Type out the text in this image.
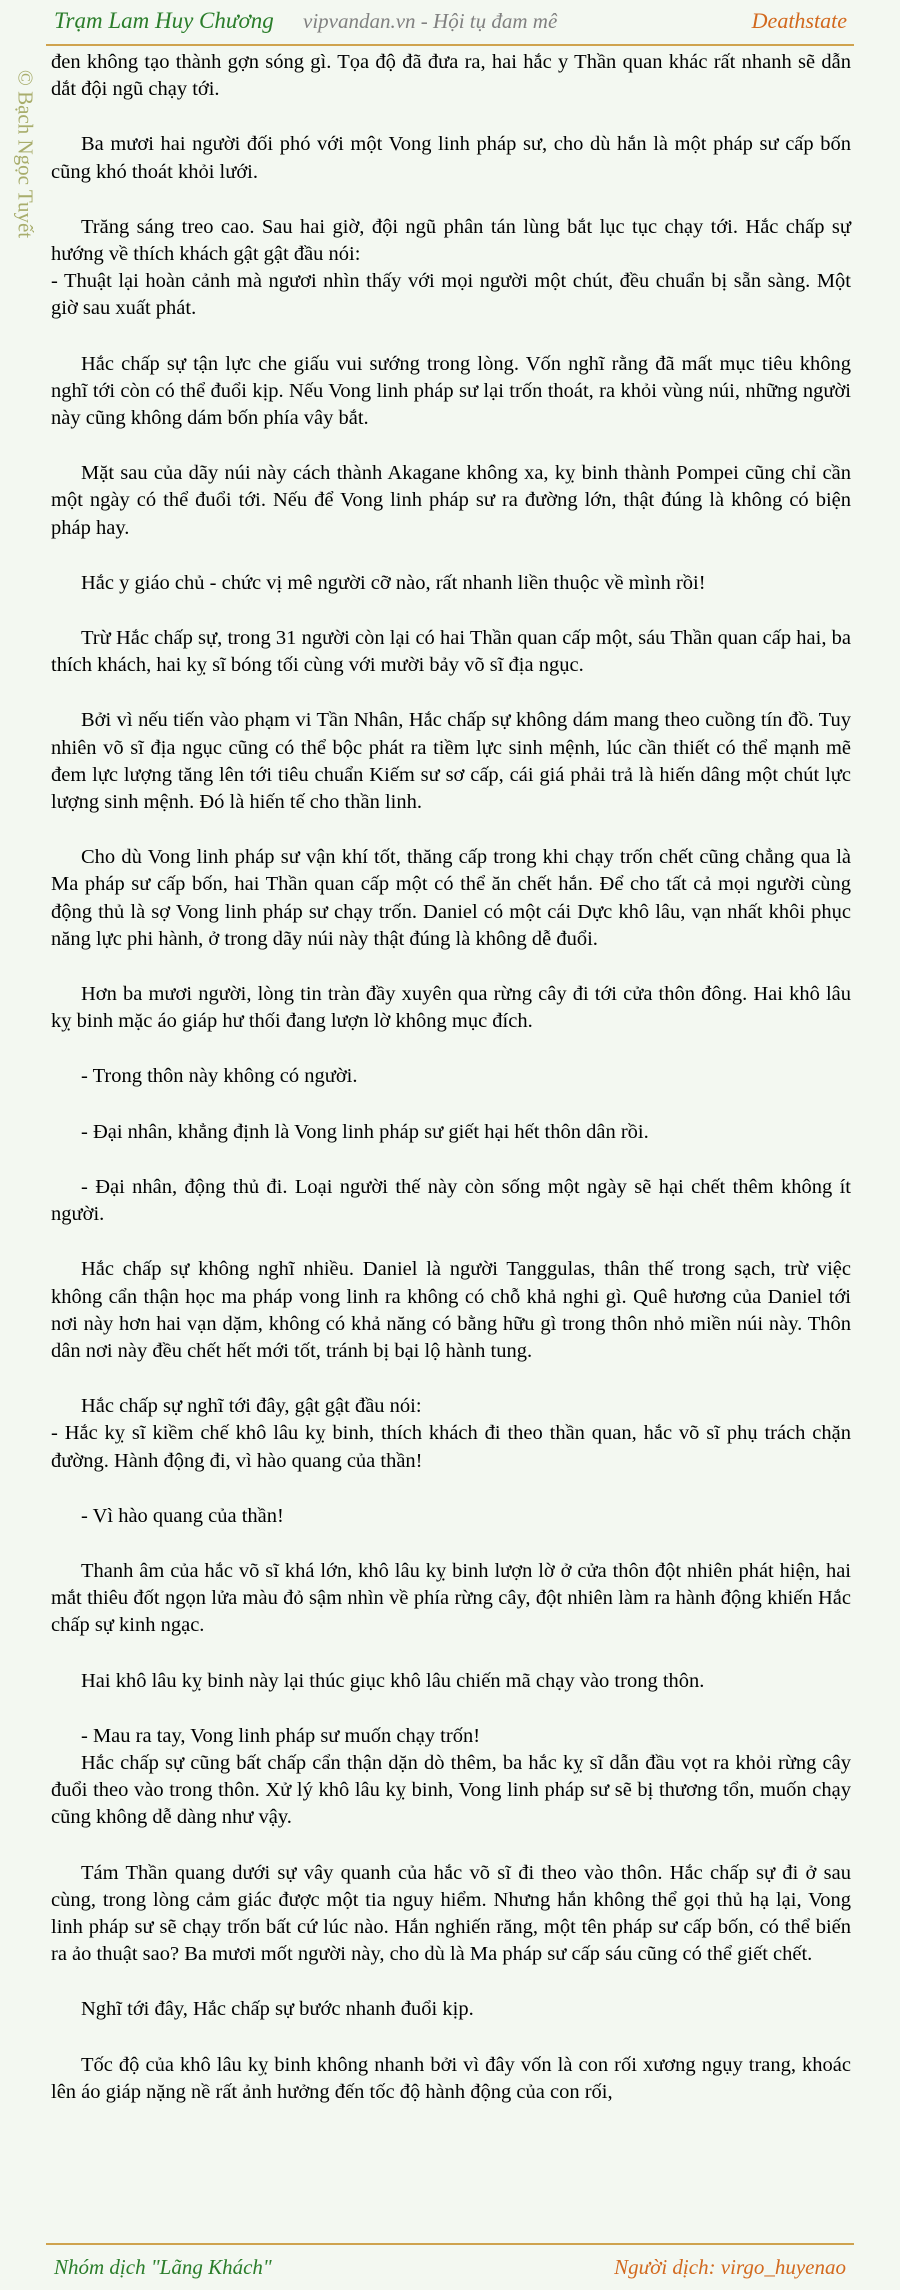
Trạm Lam Huy Chương vipvandan.vn - Hội tụ đam mê	Deathstate
© Bạch Ngọc Tuyết

đen không tạo thành gợn sóng gì. Tọa độ đã đưa ra, hai hắc y Thần quan khác rất nhanh sẽ dẫn dắt đội ngũ chạy tới.

Ba mươi hai người đối phó với một Vong linh pháp sư, cho dù hắn là một pháp sư cấp bốn cũng khó thoát khỏi lưới.

Trăng sáng treo cao. Sau hai giờ, đội ngũ phân tán lùng bắt lục tục chạy tới. Hắc chấp sự hướng về thích khách gật gật đầu nói:
- Thuật lại hoàn cảnh mà ngươi nhìn thấy với mọi người một chút, đều chuẩn bị sẵn sàng. Một giờ sau xuất phát.

Hắc chấp sự tận lực che giấu vui sướng trong lòng. Vốn nghĩ rằng đã mất mục tiêu không nghĩ tới còn có thể đuổi kịp. Nếu Vong linh pháp sư lại trốn thoát, ra khỏi vùng núi, những người này cũng không dám bốn phía vây bắt.

Mặt sau của dãy núi này cách thành Akagane không xa, kỵ binh thành Pompei cũng chỉ cần một ngày có thể đuổi tới. Nếu để Vong linh pháp sư ra đường lớn, thật đúng là không có biện pháp hay.

Hắc y giáo chủ - chức vị mê người cỡ nào, rất nhanh liền thuộc về mình rồi!

Trừ Hắc chấp sự, trong 31 người còn lại có hai Thần quan cấp một, sáu Thần quan cấp hai, ba thích khách, hai kỵ sĩ bóng tối cùng với mười bảy võ sĩ địa ngục.

Bởi vì nếu tiến vào phạm vi Tần Nhân, Hắc chấp sự không dám mang theo cuồng tín đồ. Tuy nhiên võ sĩ địa ngục cũng có thể bộc phát ra tiềm lực sinh mệnh, lúc cần thiết có thể mạnh mẽ đem lực lượng tăng lên tới tiêu chuẩn Kiếm sư sơ cấp, cái giá phải trả là hiến dâng một chút lực lượng sinh mệnh. Đó là hiến tế cho thần linh.

Cho dù Vong linh pháp sư vận khí tốt, thăng cấp trong khi chạy trốn chết cũng chẳng qua là Ma pháp sư cấp bốn, hai Thần quan cấp một có thể ăn chết hắn. Để cho tất cả mọi người cùng động thủ là sợ Vong linh pháp sư chạy trốn. Daniel có một cái Dực khô lâu, vạn nhất khôi phục năng lực phi hành, ở trong dãy núi này thật đúng là không dễ đuổi.

Hơn ba mươi người, lòng tin tràn đầy xuyên qua rừng cây đi tới cửa thôn đông. Hai khô lâu kỵ binh mặc áo giáp hư thối đang lượn lờ không mục đích.

- Trong thôn này không có người.

- Đại nhân, khẳng định là Vong linh pháp sư giết hại hết thôn dân rồi.

- Đại nhân, động thủ đi. Loại người thế này còn sống một ngày sẽ hại chết thêm không ít người.

Hắc chấp sự không nghĩ nhiều. Daniel là người Tanggulas, thân thế trong sạch, trừ việc không cẩn thận học ma pháp vong linh ra không có chỗ khả nghi gì. Quê hương của Daniel tới nơi này hơn hai vạn dặm, không có khả năng có bằng hữu gì trong thôn nhỏ miền núi này. Thôn dân nơi này đều chết hết mới tốt, tránh bị bại lộ hành tung.

Hắc chấp sự nghĩ tới đây, gật gật đầu nói:
- Hắc kỵ sĩ kiềm chế khô lâu kỵ binh, thích khách đi theo thần quan, hắc võ sĩ phụ trách chặn đường. Hành động đi, vì hào quang của thần!

- Vì hào quang của thần!

Thanh âm của hắc võ sĩ khá lớn, khô lâu kỵ binh lượn lờ ở cửa thôn đột nhiên phát hiện, hai mắt thiêu đốt ngọn lửa màu đỏ sậm nhìn về phía rừng cây, đột nhiên làm ra hành động khiến Hắc chấp sự kinh ngạc.

Hai khô lâu kỵ binh này lại thúc giục khô lâu chiến mã chạy vào trong thôn.

- Mau ra tay, Vong linh pháp sư muốn chạy trốn!
Hắc chấp sự cũng bất chấp cẩn thận dặn dò thêm, ba hắc kỵ sĩ dẫn đầu vọt ra khỏi rừng cây đuổi theo vào trong thôn. Xử lý khô lâu kỵ binh, Vong linh pháp sư sẽ bị thương tổn, muốn chạy cũng không dễ dàng như vậy.

Tám Thần quang dưới sự vây quanh của hắc võ sĩ đi theo vào thôn. Hắc chấp sự đi ở sau cùng, trong lòng cảm giác được một tia nguy hiểm. Nhưng hắn không thể gọi thủ hạ lại, Vong linh pháp sư sẽ chạy trốn bất cứ lúc nào. Hắn nghiến răng, một tên pháp sư cấp bốn, có thể biến ra ảo thuật sao? Ba mươi mốt người này, cho dù là Ma pháp sư cấp sáu cũng có thể giết chết.

Nghĩ tới đây, Hắc chấp sự bước nhanh đuổi kịp.

Tốc độ của khô lâu kỵ binh không nhanh bởi vì đây vốn là con rối xương ngụy trang, khoác lên áo giáp nặng nề rất ảnh hưởng đến tốc độ hành động của con rối,

Nhóm dịch "Lãng Khách"	Người dịch: virgo_huyenao
